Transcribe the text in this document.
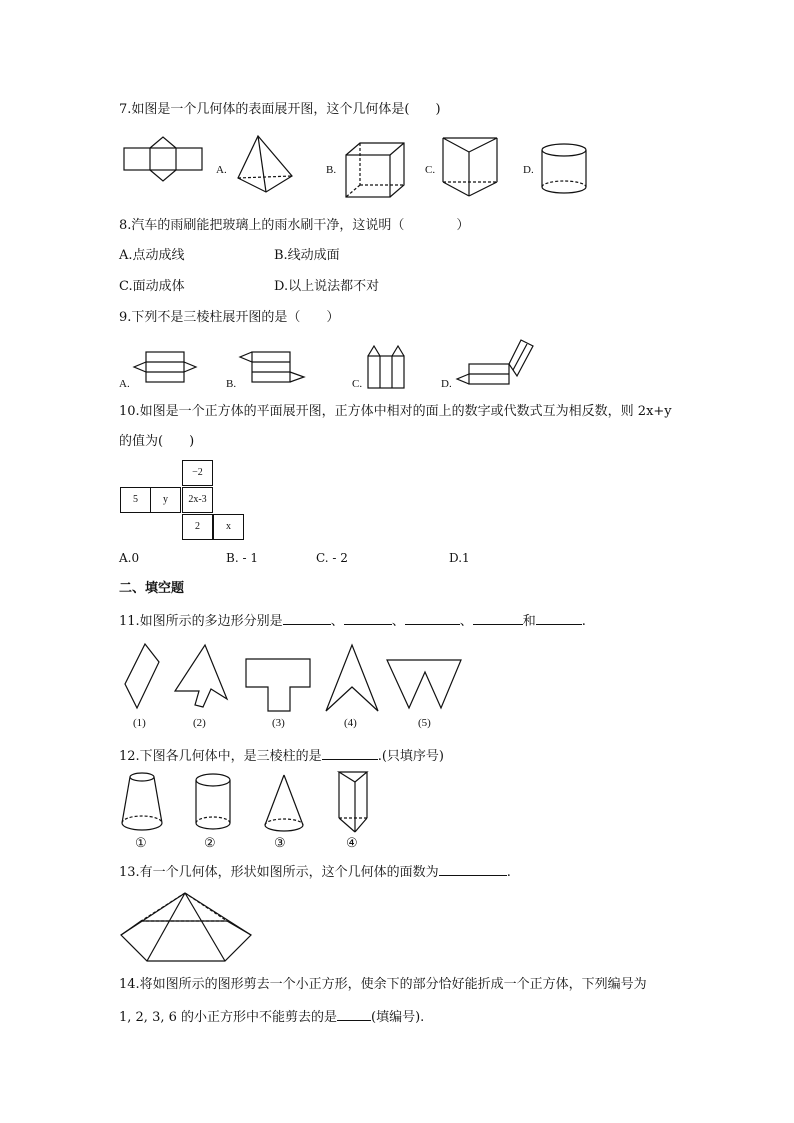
7.如图是一个几何体的表面展开图，这个几何体是(　　)
A.	B.	C.	D.
8.汽车的雨刷能把玻璃上的雨水刷干净，这说明（　　　　）
A.点动成线	B.线动成面
C.面动成体	D.以上说法都不对
9.下列不是三棱柱展开图的是（　　）
A.	B.	C.	D.
10.如图是一个正方体的平面展开图，正方体中相对的面上的数字或代数式互为相反数，则 2x+y
的值为(　　)
5	y
−2
2x-3
2	x
A.0	B. - 1	C. - 2	D.1
二、填空题
11.如图所示的多边形分别是	、	、	、	和	.
(1)	(2)	(3)	(4)	(5)
12.下图各几何体中，是三棱柱的是	.(只填序号)
①	②	③	④
13.有一个几何体，形状如图所示，这个几何体的面数为	.
14.将如图所示的图形剪去一个小正方形，使余下的部分恰好能折成一个正方体，下列编号为
1, 2, 3, 6 的小正方形中不能剪去的是	(填编号).
